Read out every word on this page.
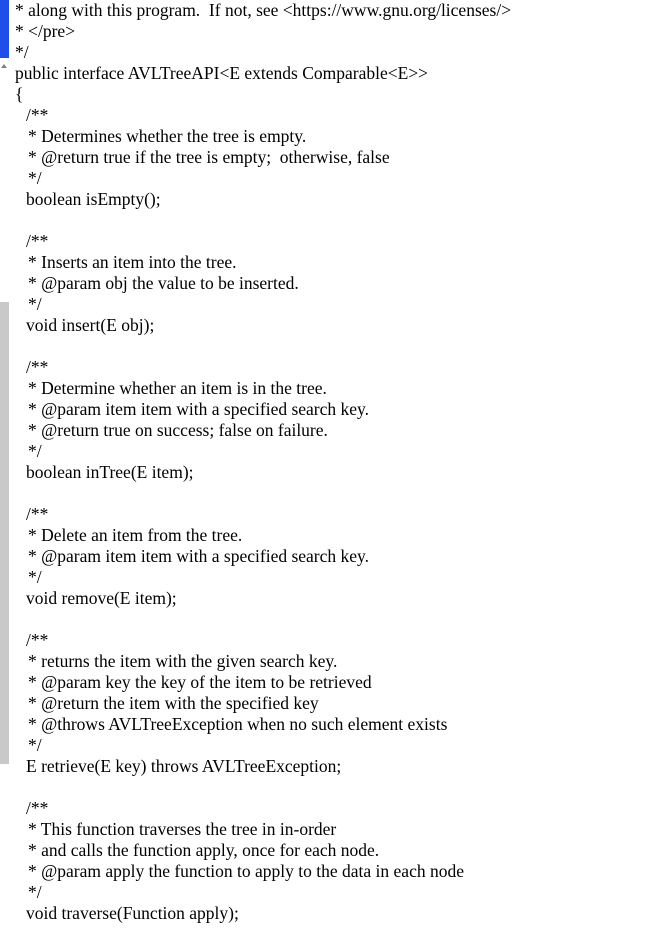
* along with this program.  If not, see <https://www.gnu.org/licenses/>
* </pre>
*/
public interface AVLTreeAPI<E extends Comparable<E>>
{
/**
* Determines whether the tree is empty.
* @return true if the tree is empty;  otherwise, false
*/
boolean isEmpty();
/**
* Inserts an item into the tree.
* @param obj the value to be inserted.
*/
void insert(E obj);
/**
* Determine whether an item is in the tree.
* @param item item with a specified search key.
* @return true on success; false on failure.
*/
boolean inTree(E item);
/**
* Delete an item from the tree.
* @param item item with a specified search key.
*/
void remove(E item);
/**
* returns the item with the given search key.
* @param key the key of the item to be retrieved
* @return the item with the specified key
* @throws AVLTreeException when no such element exists
*/
E retrieve(E key) throws AVLTreeException;
/**
* This function traverses the tree in in-order
* and calls the function apply, once for each node.
* @param apply the function to apply to the data in each node
*/
void traverse(Function apply);
